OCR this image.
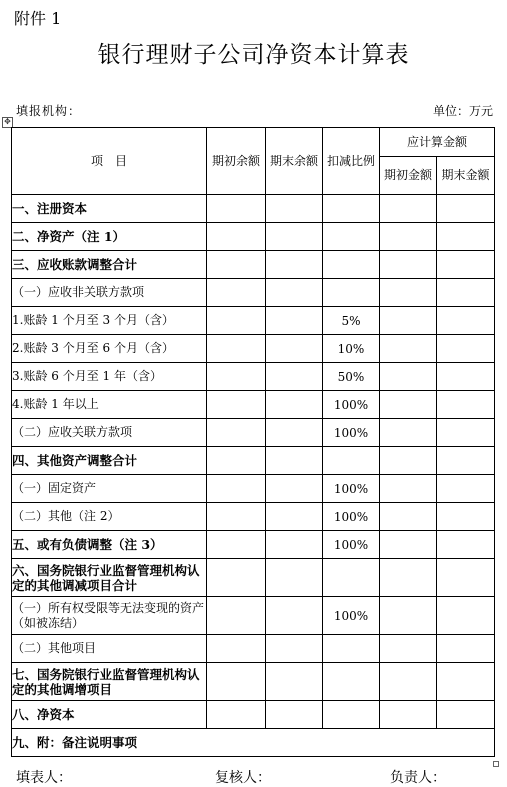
附件 1
银行理财子公司净资本计算表
填报机构：	单位：万元
✥
项　目	期初余额	期末余额	扣减比例	应计算金额	
				期初金额	期末金额
一、注册资本					
二、净资产（注 1）					
三、应收账款调整合计					
（一）应收非关联方款项					
1.账龄 1 个月至 3 个月（含）			5%		
2.账龄 3 个月至 6 个月（含）			10%		
3.账龄 6 个月至 1 年（含）			50%		
4.账龄 1 年以上			100%		
（二）应收关联方款项			100%		
四、其他资产调整合计					
（一）固定资产			100%		
（二）其他（注 2）			100%		
五、或有负债调整（注 3）			100%		
六、国务院银行业监督管理机构认定的其他调减项目合计					
（一）所有权受限等无法变现的资产（如被冻结）			100%		
（二）其他项目					
七、国务院银行业监督管理机构认定的其他调增项目					
八、净资本					
九、附：备注说明事项					
填表人：	复核人：	负责人：
